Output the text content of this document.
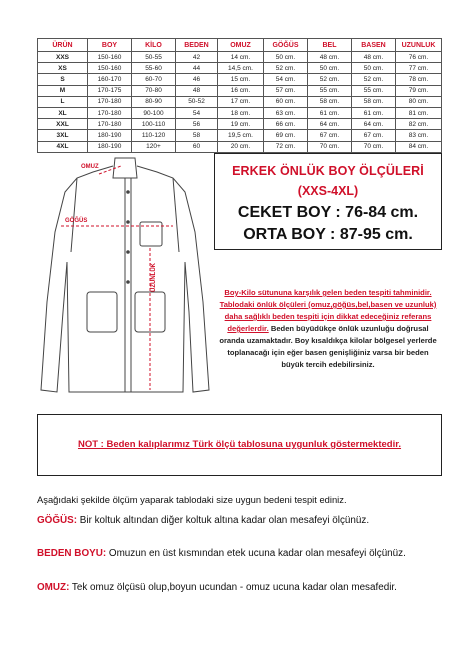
ÜRÜN	BOY	KİLO	BEDEN	OMUZ	GÖĞÜS	BEL	BASEN	UZUNLUK
XXS	150-160	50-55	42	14 cm.	50 cm.	48 cm.	48 cm.	76 cm.
XS	150-160	55-60	44	14,5 cm.	52 cm.	50 cm.	50 cm.	77 cm.
S	160-170	60-70	46	15 cm.	54 cm.	52 cm.	52 cm.	78 cm.
M	170-175	70-80	48	16 cm.	57 cm.	55 cm.	55 cm.	79 cm.
L	170-180	80-90	50-52	17 cm.	60 cm.	58 cm.	58 cm.	80 cm.
XL	170-180	90-100	54	18 cm.	63 cm.	61 cm.	61 cm.	81 cm.
XXL	170-180	100-110	56	19 cm.	66 cm.	64 cm.	64 cm.	82 cm.
3XL	180-190	110-120	58	19,5 cm.	69 cm.	67 cm.	67 cm.	83 cm.
4XL	180-190	120+	60	20 cm.	72 cm.	70 cm.	70 cm.	84 cm.
OMUZ
GÖĞÜS
UZUNLUK
ERKEK ÖNLÜK BOY ÖLÇÜLERİ
(XXS-4XL)
CEKET BOY : 76-84 cm.
ORTA BOY : 87-95 cm.
Boy-Kilo sütununa karşılık gelen beden tespiti tahminidir. Tablodaki önlük ölçüleri (omuz,göğüs,bel,basen ve uzunluk) daha sağlıklı beden tespiti için dikkat edeceğiniz referans değerlerdir. Beden büyüdükçe önlük uzunluğu doğrusal oranda uzamaktadır. Boy kısaldıkça kilolar bölgesel yerlerde toplanacağı için eğer basen genişliğiniz varsa bir beden büyük tercih edebilirsiniz.
NOT : Beden kalıplarımız Türk ölçü tablosuna uygunluk göstermektedir.
Aşağıdaki şekilde ölçüm yaparak tablodaki size uygun bedeni tespit ediniz.
GÖĞÜS: Bir koltuk altından diğer koltuk altına kadar olan mesafeyi ölçünüz.
BEDEN BOYU: Omuzun en üst kısmından etek ucuna kadar olan mesafeyi ölçünüz.
OMUZ: Tek omuz ölçüsü olup,boyun ucundan - omuz ucuna kadar olan mesafedir.
